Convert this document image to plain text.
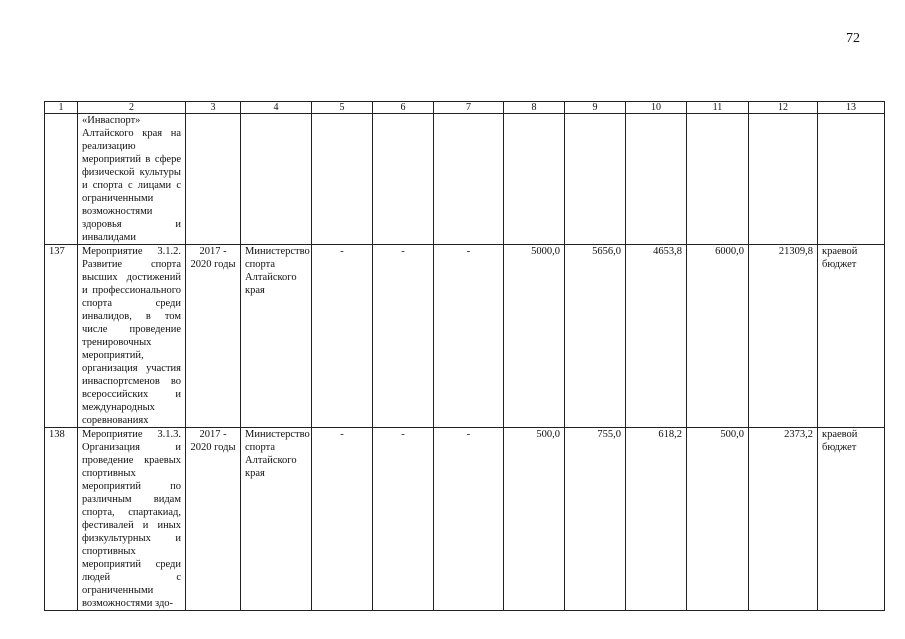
72
1	2	3	4	5	6	7	8	9	10	11	12	13
	«Инваспорт» Алтайского края на реализацию мероприятий в сфере физической культуры и спорта с лицами с ограниченными возможностями здоровья и инвалидами											
137	Мероприятие 3.1.2. Развитие спорта высших достижений и профессионального спорта среди инвалидов, в том числе проведение тренировочных мероприятий, организация участия инваспортсменов во всероссийских и международных соревнованиях	2017 - 2020 годы	Министерство спорта Алтайского края	-	-	-	5000,0	5656,0	4653,8	6000,0	21309,8	краевой бюджет
138	Мероприятие 3.1.3. Организация и проведение краевых спортивных мероприятий по различным видам спорта, спартакиад, фестивалей и иных физкультурных и спортивных мероприятий среди людей с ограниченными возможностями здо-	2017 - 2020 годы	Министерство спорта Алтайского края	-	-	-	500,0	755,0	618,2	500,0	2373,2	краевой бюджет
